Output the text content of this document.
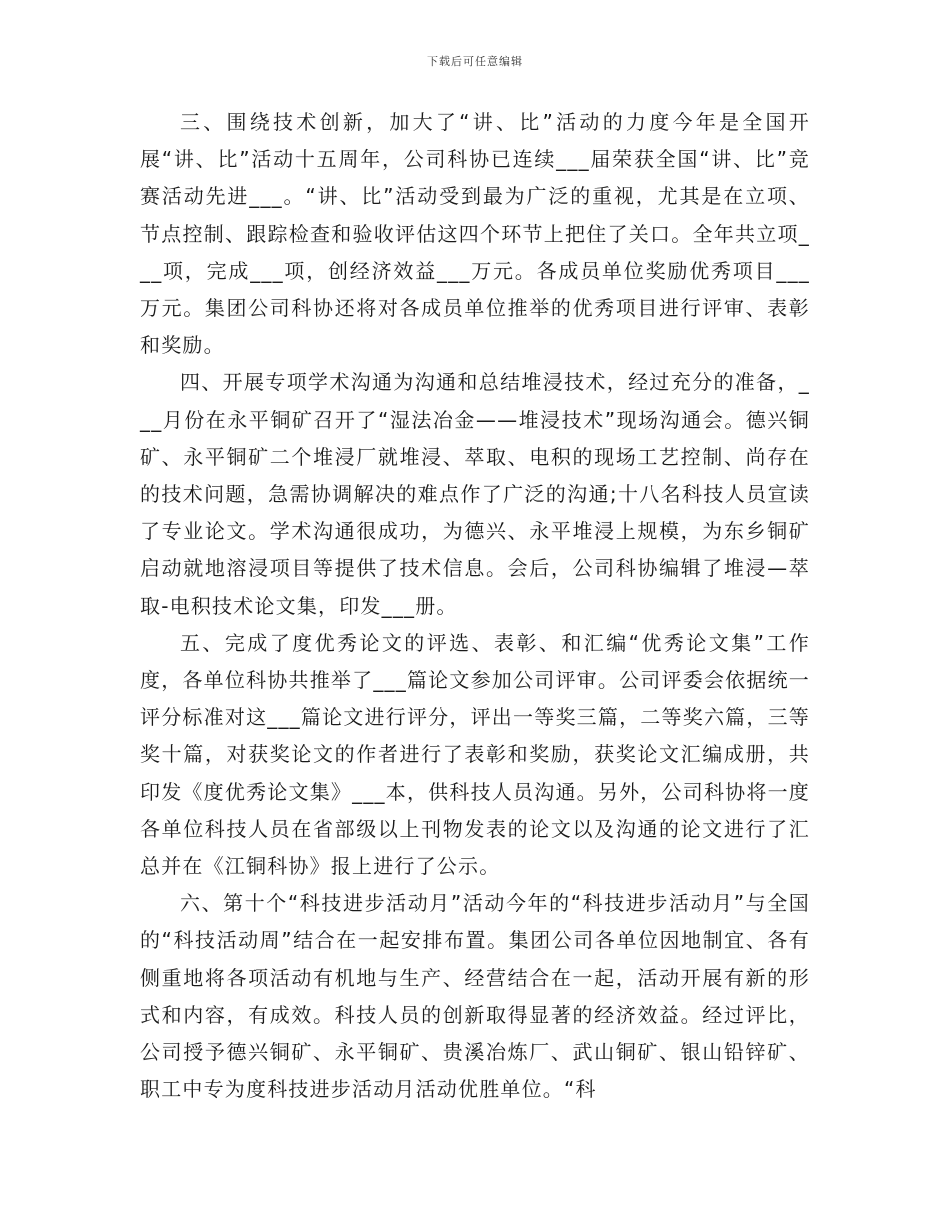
下载后可任意编辑

三、围绕技术创新，加大了“讲、比”活动的力度今年是全国开展“讲、比”活动十五周年，公司科协已连续___届荣获全国“讲、比”竞赛活动先进___。“讲、比”活动受到最为广泛的重视，尤其是在立项、节点控制、跟踪检查和验收评估这四个环节上把住了关口。全年共立项___项，完成___项，创经济效益___万元。各成员单位奖励优秀项目___万元。集团公司科协还将对各成员单位推举的优秀项目进行评审、表彰和奖励。

四、开展专项学术沟通为沟通和总结堆浸技术，经过充分的准备，___月份在永平铜矿召开了“湿法冶金——堆浸技术”现场沟通会。德兴铜矿、永平铜矿二个堆浸厂就堆浸、萃取、电积的现场工艺控制、尚存在的技术问题，急需协调解决的难点作了广泛的沟通;十八名科技人员宣读了专业论文。学术沟通很成功，为德兴、永平堆浸上规模，为东乡铜矿启动就地溶浸项目等提供了技术信息。会后，公司科协编辑了堆浸—萃取-电积技术论文集，印发___册。

五、完成了度优秀论文的评选、表彰、和汇编“优秀论文集”工作度，各单位科协共推举了___篇论文参加公司评审。公司评委会依据统一评分标准对这___篇论文进行评分，评出一等奖三篇，二等奖六篇，三等奖十篇，对获奖论文的作者进行了表彰和奖励，获奖论文汇编成册，共印发《度优秀论文集》___本，供科技人员沟通。另外，公司科协将一度各单位科技人员在省部级以上刊物发表的论文以及沟通的论文进行了汇总并在《江铜科协》报上进行了公示。

六、第十个“科技进步活动月”活动今年的“科技进步活动月”与全国的“科技活动周”结合在一起安排布置。集团公司各单位因地制宜、各有侧重地将各项活动有机地与生产、经营结合在一起，活动开展有新的形式和内容，有成效。科技人员的创新取得显著的经济效益。经过评比，公司授予德兴铜矿、永平铜矿、贵溪冶炼厂、武山铜矿、银山铅锌矿、职工中专为度科技进步活动月活动优胜单位。“科
